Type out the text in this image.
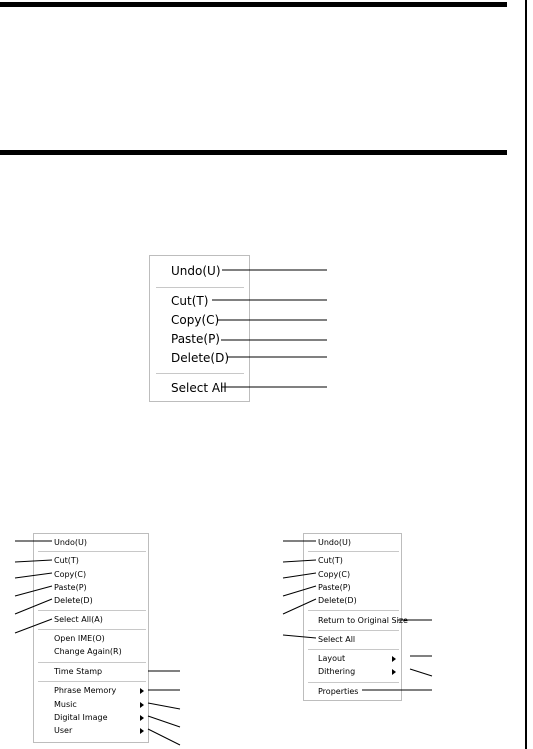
Undo(U)
Cut(T)
Copy(C)
Paste(P)
Delete(D)
Select All
Undo(U)
Cut(T)
Copy(C)
Paste(P)
Delete(D)
Select All(A)
Open IME(O)
Change Again(R)
Time Stamp
Phrase Memory
Music
Digital Image
User
Undo(U)
Cut(T)
Copy(C)
Paste(P)
Delete(D)
Return to Original Size
Select All
Layout
Dithering
Properties
